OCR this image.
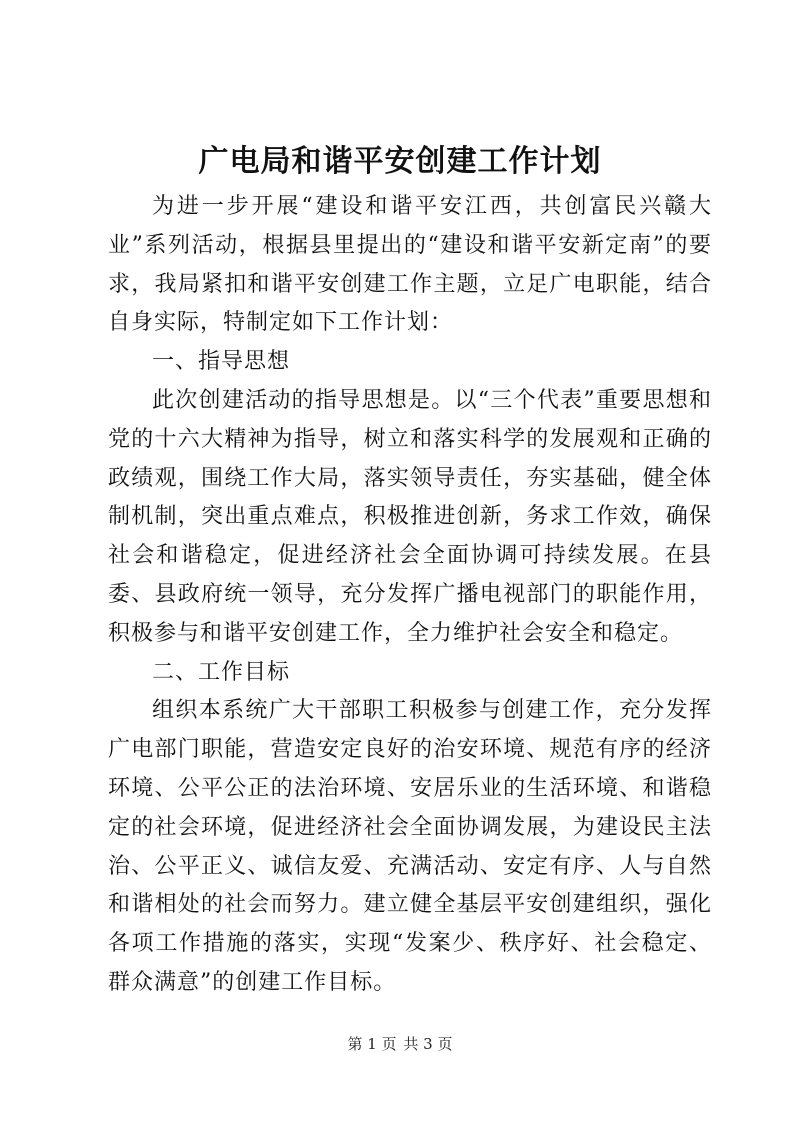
广电局和谐平安创建工作计划

为进一步开展“建设和谐平安江西，共创富民兴赣大业”系列活动，根据县里提出的“建设和谐平安新定南”的要求，我局紧扣和谐平安创建工作主题，立足广电职能，结合自身实际，特制定如下工作计划：

一、指导思想

此次创建活动的指导思想是。以“三个代表”重要思想和党的十六大精神为指导，树立和落实科学的发展观和正确的政绩观，围绕工作大局，落实领导责任，夯实基础，健全体制机制，突出重点难点，积极推进创新，务求工作效，确保社会和谐稳定，促进经济社会全面协调可持续发展。在县委、县政府统一领导，充分发挥广播电视部门的职能作用，积极参与和谐平安创建工作，全力维护社会安全和稳定。

二、工作目标

组织本系统广大干部职工积极参与创建工作，充分发挥广电部门职能，营造安定良好的治安环境、规范有序的经济环境、公平公正的法治环境、安居乐业的生活环境、和谐稳定的社会环境，促进经济社会全面协调发展，为建设民主法治、公平正义、诚信友爱、充满活动、安定有序、人与自然和谐相处的社会而努力。建立健全基层平安创建组织，强化各项工作措施的落实，实现“发案少、秩序好、社会稳定、群众满意”的创建工作目标。

第 1 页 共 3 页
